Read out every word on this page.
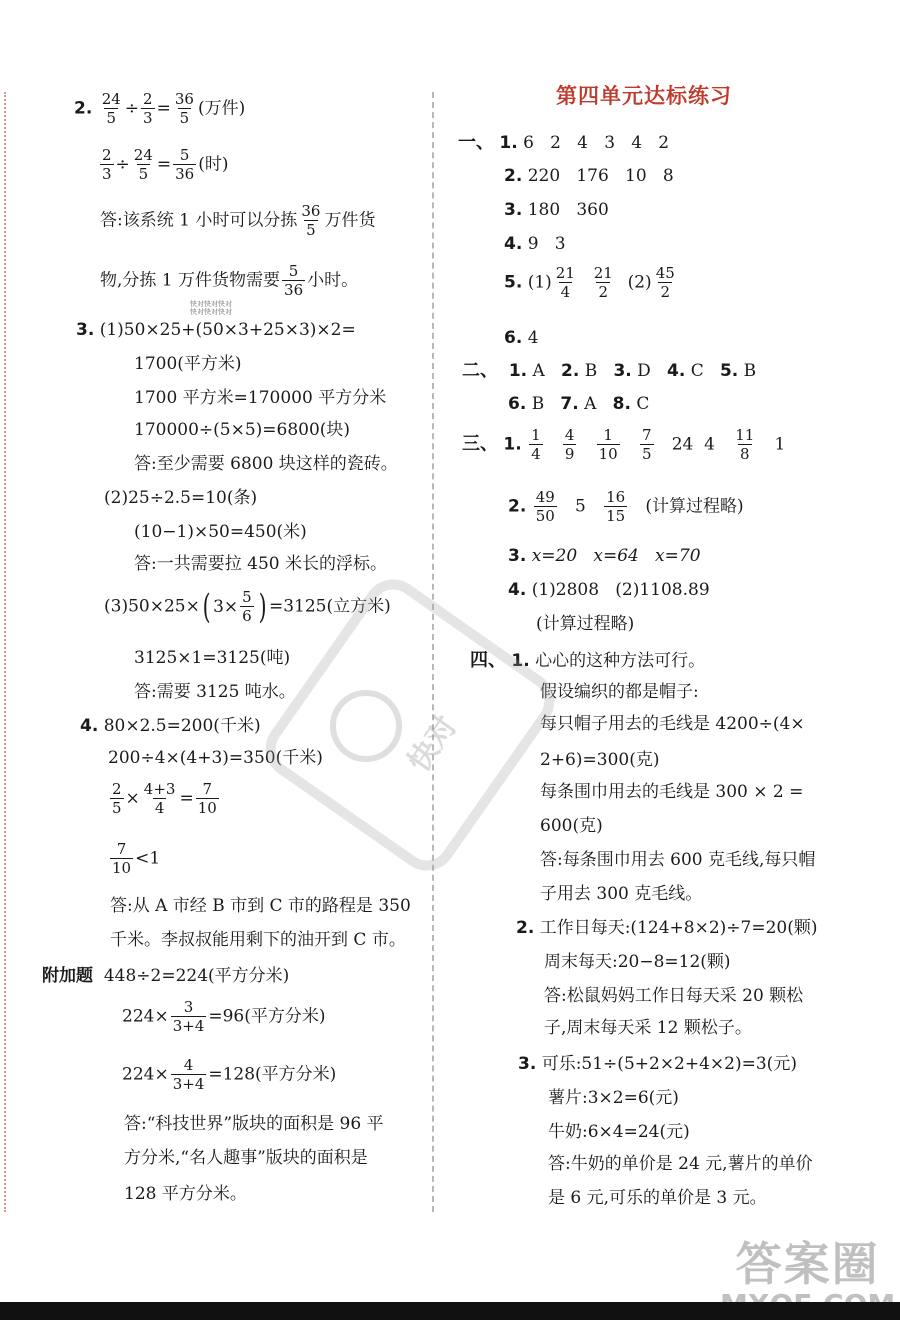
2. $\frac{24}{5} \div \frac{2}{3} = \frac{36}{5}$ (万件)
$\frac{2}{3} \div \frac{24}{5} = \frac{5}{36}$ (时)
答:该系统 1 小时可以分拣 $\frac{36}{5}$ 万件货
物,分拣 1 万件货物需要 $\frac{5}{36}$ 小时。
快对快对快对
快对快对快对
3. (1)50×25+(50×3+25×3)×2=
1700(平方米)
1700 平方米=170000 平方分米
170000÷(5×5)=6800(块)
答:至少需要 6800 块这样的瓷砖。
(2)25÷2.5=10(条)
(10−1)×50=450(米)
答:一共需要拉 450 米长的浮标。
(3)50×25× ( $3\times \frac{5}{6}$ ) =3125(立方米)
3125×1=3125(吨)
答:需要 3125 吨水。
4. 80×2.5=200(千米)
200÷4×(4+3)=350(千米)
$\frac{2}{5} \times \frac{4+3}{4} = \frac{7}{10}$
$\frac{7}{10} <1$
答:从 A 市经 B 市到 C 市的路程是 350
千米。李叔叔能用剩下的油开到 C 市。
附加题 448÷2=224(平方分米)
$224\times \frac{3}{3+4} =96$(平方分米)
$224\times \frac{4}{3+4} =128$(平方分米)
答:“科技世界”版块的面积是 96 平
方分米,“名人趣事”版块的面积是
128 平方分米。
第四单元达标练习
一、 1. 6   2   4   3   4   2
2. 220   176   10   8
3. 180   360
4. 9   3
5. $(1) \frac{21}{4}$
$\frac{21}{2} (2) \frac{45}{2}$
6. 4
二、 1. A 2. B 3. D 4. C 5. B
6. B 7. A 8. C
三、 1. $\frac{1}{4}$
$\frac{4}{9}$
$\frac{1}{10}$
$\frac{7}{5} 24$ $4 \frac{11}{8} 1$
2. $\frac{49}{50} 5 \frac{16}{15}$ (计算过程略)
3. x=20   x=64   x=70
4. (1)2808   (2)1108.89
(计算过程略)
四、 1. 心心的这种方法可行。
假设编织的都是帽子:
每只帽子用去的毛线是 4200÷(4×
2+6)=300(克)
每条围巾用去的毛线是 300 × 2 =
600(克)
答:每条围巾用去 600 克毛线,每只帽
子用去 300 克毛线。
2. 工作日每天:(124+8×2)÷7=20(颗)
周末每天:20−8=12(颗)
答:松鼠妈妈工作日每天采 20 颗松
子,周末每天采 12 颗松子。
3. 可乐:51÷(5+2×2+4×2)=3(元)
薯片:3×2=6(元)
牛奶:6×4=24(元)
答:牛奶的单价是 24 元,薯片的单价
是 6 元,可乐的单价是 3 元。
快对
答案圈
